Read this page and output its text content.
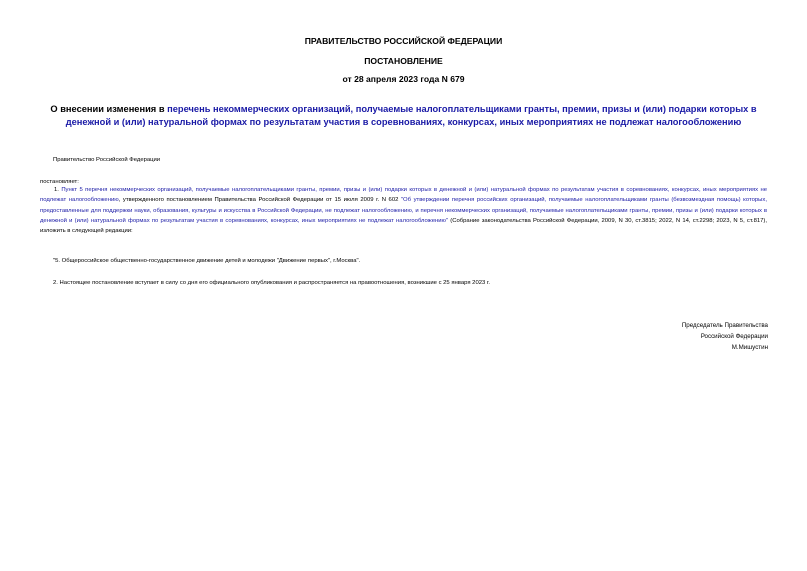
ПРАВИТЕЛЬСТВО РОССИЙСКОЙ ФЕДЕРАЦИИ
ПОСТАНОВЛЕНИЕ
от 28 апреля 2023 года N 679
О внесении изменения в перечень некоммерческих организаций, получаемые налогоплательщиками гранты, премии, призы и (или) подарки которых в денежной и (или) натуральной формах по результатам участия в соревнованиях, конкурсах, иных мероприятиях не подлежат налогообложению
Правительство Российской Федерации
постановляет:
1. Пункт 5 перечня некоммерческих организаций, получаемые налогоплательщиками гранты, премии, призы и (или) подарки которых в денежной и (или) натуральной формах по результатам участия в соревнованиях, конкурсах, иных мероприятиях не подлежат налогообложению, утвержденного постановлением Правительства Российской Федерации от 15 июля 2009 г. N 602 "Об утверждении перечня российских организаций, получаемые налогоплательщиками гранты (безвозмездная помощь) которых, предоставленные для поддержки науки, образования, культуры и искусства в Российской Федерации, не подлежат налогообложению, и перечня некоммерческих организаций, получаемые налогоплательщиками гранты, премии, призы и (или) подарки которых в денежной и (или) натуральной формах по результатам участия в соревнованиях, конкурсах, иных мероприятиях не подлежат налогообложению" (Собрание законодательства Российской Федерации, 2009, N 30, ст.3815; 2022, N 14, ст.2298; 2023, N 5, ст.817), изложить в следующей редакции:
"5. Общероссийское общественно-государственное движение детей и молодежи "Движение первых", г.Москва".
2. Настоящее постановление вступает в силу со дня его официального опубликования и распространяется на правоотношения, возникшие с 25 января 2023 г.
Председатель Правительства
Российской Федерации
М.Мишустин
